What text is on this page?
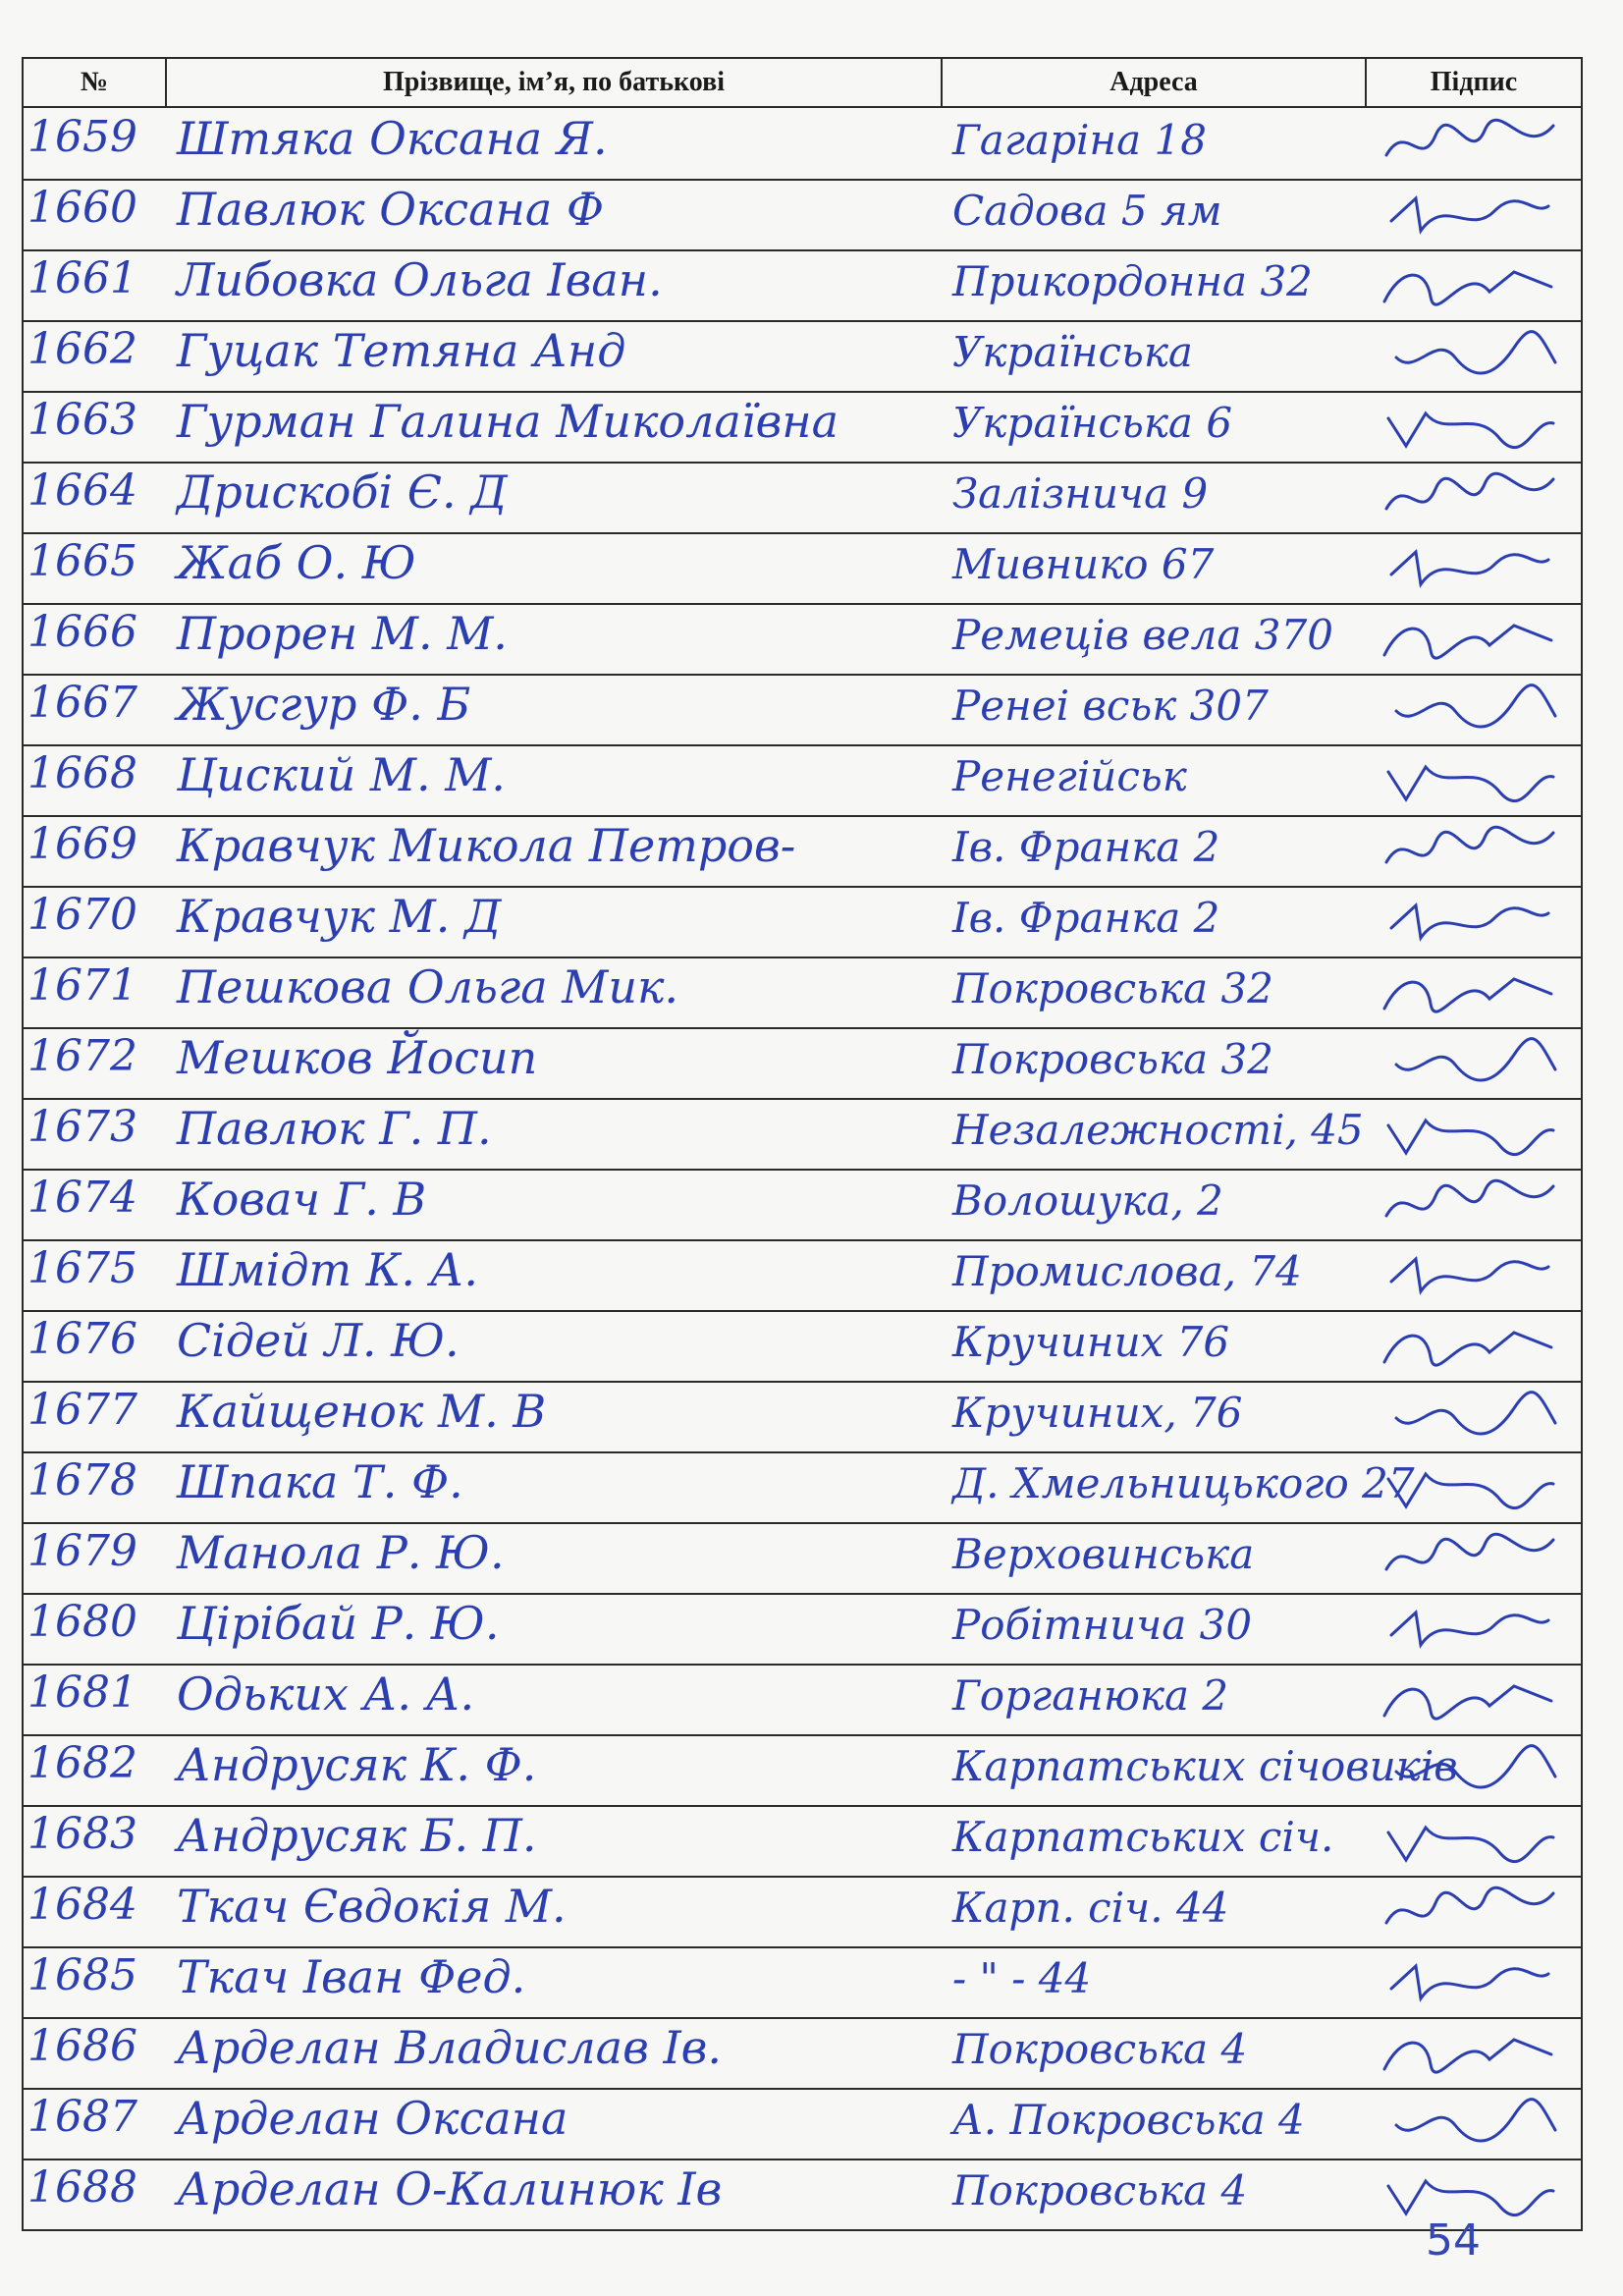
№	Прізвище, ім’я, по батькові	Адреса	Підпис
1659 Штяка Оксана Я.	Гагаріна 18
1660 Павлюк Оксана Ф	Садова 5 ям
1661 Либовка Ольга Іван.	Прикордонна 32
1662 Гуцак Тетяна Анд	Українська
1663 Гурман Галина Миколаївна	Українська 6
1664 Дрискобі Є. Д	Залізнича 9
1665 Жаб О. Ю	Мивнико 67
1666 Прорен М. М.	Ремеців вела 370
1667 Жусгур Ф. Б	Ренеі вськ 307
1668 Циский М. М.	Ренегійськ
1669 Кравчук Микола Петров-	Ів. Франка 2
1670 Кравчук М. Д	Ів. Франка 2
1671 Пешкова Ольга Мик.	Покровська 32
1672 Мешков Йосип	Покровська 32
1673 Павлюк Г. П.	Незалежності, 45
1674 Ковач Г. В	Волошука, 2
1675 Шмідт К. А.	Промислова, 74
1676 Сідей Л. Ю.	Кручиних 76
1677 Кайщенок М. В	Кручиних, 76
1678 Шпака Т. Ф.	Д. Хмельницького 27
1679 Манола Р. Ю.	Верховинська
1680 Цірібай Р. Ю.	Робітнича 30
1681 Одьких А. А.	Горганюка 2
1682 Андрусяк К. Ф.	Карпатських січовиків
1683 Андрусяк Б. П.	Карпатських січ.
1684 Ткач Євдокія М.	Карп. січ. 44
1685 Ткач Іван Фед.	- " - 44
1686 Арделан Владислав Ів.	Покровська 4
1687 Арделан Оксана	А. Покровська 4
1688 Арделан О-Калинюк Ів	Покровська 4
54
